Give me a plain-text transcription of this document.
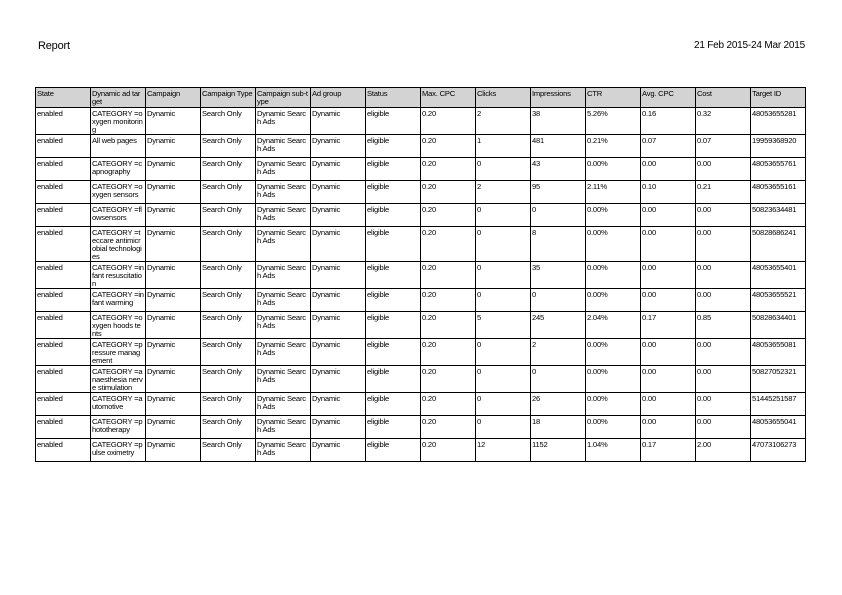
Report	21 Feb 2015-24 Mar 2015
State	Dynamic ad target	Campaign	Campaign Type	Campaign sub-type	Ad group	Status	Max. CPC	Clicks	Impressions	CTR	Avg. CPC	Cost	Target ID
enabled	CATEGORY =oxygen monitoring	Dynamic	Search Only	Dynamic Search Ads	Dynamic	eligible	0.20	2	38	5.26%	0.16	0.32	48053655281
enabled	All web pages	Dynamic	Search Only	Dynamic Search Ads	Dynamic	eligible	0.20	1	481	0.21%	0.07	0.07	19959368920
enabled	CATEGORY =capnography	Dynamic	Search Only	Dynamic Search Ads	Dynamic	eligible	0.20	0	43	0.00%	0.00	0.00	48053655761
enabled	CATEGORY =oxygen sensors	Dynamic	Search Only	Dynamic Search Ads	Dynamic	eligible	0.20	2	95	2.11%	0.10	0.21	48053655161
enabled	CATEGORY =flowsensors	Dynamic	Search Only	Dynamic Search Ads	Dynamic	eligible	0.20	0	0	0.00%	0.00	0.00	50823634481
enabled	CATEGORY =teccare antimicrobial technologies	Dynamic	Search Only	Dynamic Search Ads	Dynamic	eligible	0.20	0	8	0.00%	0.00	0.00	50828686241
enabled	CATEGORY =infant resuscitation	Dynamic	Search Only	Dynamic Search Ads	Dynamic	eligible	0.20	0	35	0.00%	0.00	0.00	48053655401
enabled	CATEGORY =infant warming	Dynamic	Search Only	Dynamic Search Ads	Dynamic	eligible	0.20	0	0	0.00%	0.00	0.00	48053655521
enabled	CATEGORY =oxygen hoods tents	Dynamic	Search Only	Dynamic Search Ads	Dynamic	eligible	0.20	5	245	2.04%	0.17	0.85	50828634401
enabled	CATEGORY =pressure management	Dynamic	Search Only	Dynamic Search Ads	Dynamic	eligible	0.20	0	2	0.00%	0.00	0.00	48053655081
enabled	CATEGORY =anaesthesia nerve stimulation	Dynamic	Search Only	Dynamic Search Ads	Dynamic	eligible	0.20	0	0	0.00%	0.00	0.00	50827052321
enabled	CATEGORY =automotive	Dynamic	Search Only	Dynamic Search Ads	Dynamic	eligible	0.20	0	26	0.00%	0.00	0.00	51445251587
enabled	CATEGORY =phototherapy	Dynamic	Search Only	Dynamic Search Ads	Dynamic	eligible	0.20	0	18	0.00%	0.00	0.00	48053655041
enabled	CATEGORY =pulse oximetry	Dynamic	Search Only	Dynamic Search Ads	Dynamic	eligible	0.20	12	1152	1.04%	0.17	2.00	47073106273
